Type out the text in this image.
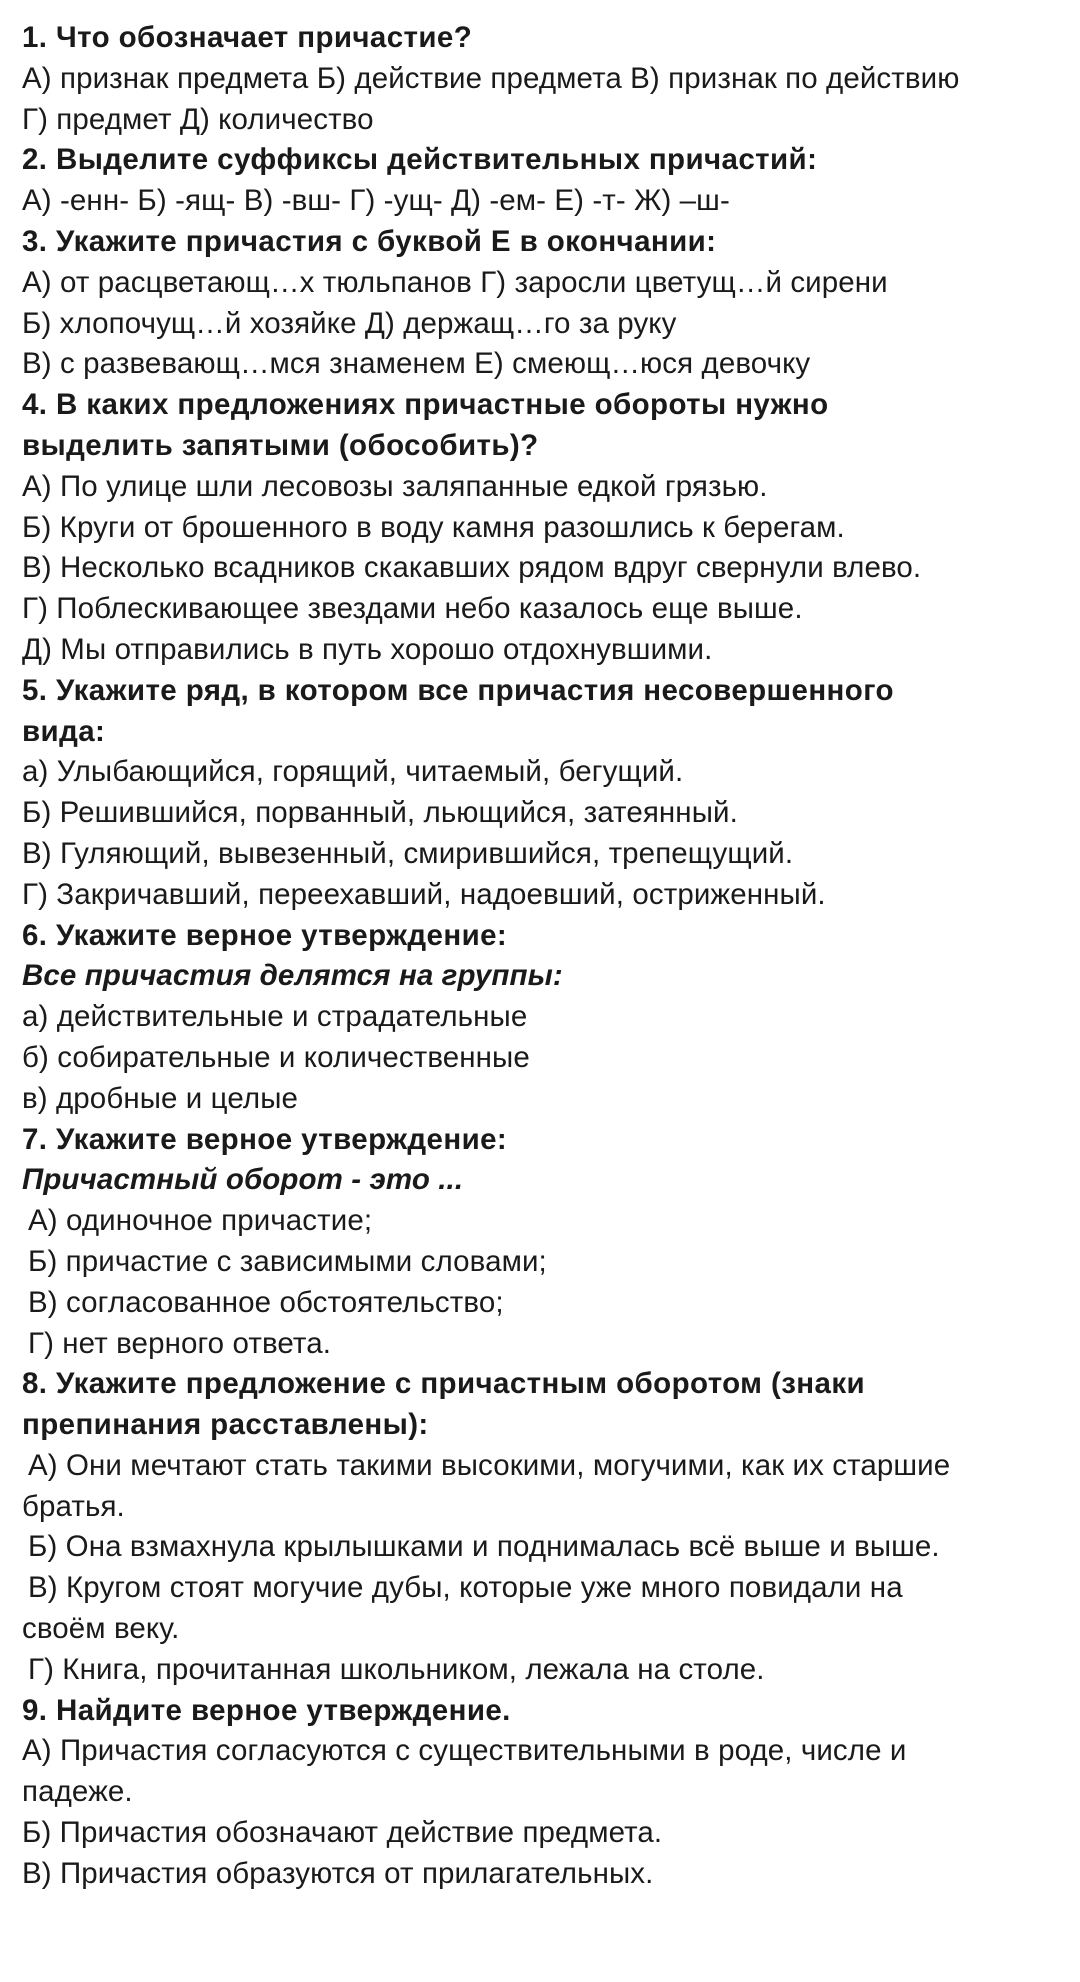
1. Что обозначает причастие?
А) признак предмета Б) действие предмета В) признак по действию
Г) предмет Д) количество
2. Выделите суффиксы действительных причастий:
А) -енн- Б) -ящ- В) -вш- Г) -ущ- Д) -ем- Е) -т- Ж) –ш-
3. Укажите причастия с буквой Е в окончании:
А) от расцветающ…х тюльпанов Г) заросли цветущ…й сирени
Б) хлопочущ…й хозяйке Д) держащ…го за руку
В) с развевающ…мся знаменем Е) смеющ…юся девочку
4. В каких предложениях причастные обороты нужно
выделить запятыми (обособить)?
А) По улице шли лесовозы заляпанные едкой грязью.
Б) Круги от брошенного в воду камня разошлись к берегам.
В) Несколько всадников скакавших рядом вдруг свернули влево.
Г) Поблескивающее звездами небо казалось еще выше.
Д) Мы отправились в путь хорошо отдохнувшими.
5. Укажите ряд, в котором все причастия несовершенного
вида:
а) Улыбающийся, горящий, читаемый, бегущий.
Б) Решившийся, порванный, льющийся, затеянный.
В) Гуляющий, вывезенный, смирившийся, трепещущий.
Г) Закричавший, переехавший, надоевший, остриженный.
6. Укажите верное утверждение:
Все причастия делятся на группы:
а) действительные и страдательные
б) собирательные и количественные
в) дробные и целые
7. Укажите верное утверждение:
Причастный оборот - это ...
А) одиночное причастие;
Б) причастие с зависимыми словами;
В) согласованное обстоятельство;
Г) нет верного ответа.
8. Укажите предложение с причастным оборотом (знаки
препинания расставлены):
А) Они мечтают стать такими высокими, могучими, как их старшие
братья.
Б) Она взмахнула крылышками и поднималась всё выше и выше.
В) Кругом стоят могучие дубы, которые уже много повидали на
своём веку.
Г) Книга, прочитанная школьником, лежала на столе.
9. Найдите верное утверждение.
А) Причастия согласуются с существительными в роде, числе и
падеже.
Б) Причастия обозначают действие предмета.
В) Причастия образуются от прилагательных.
